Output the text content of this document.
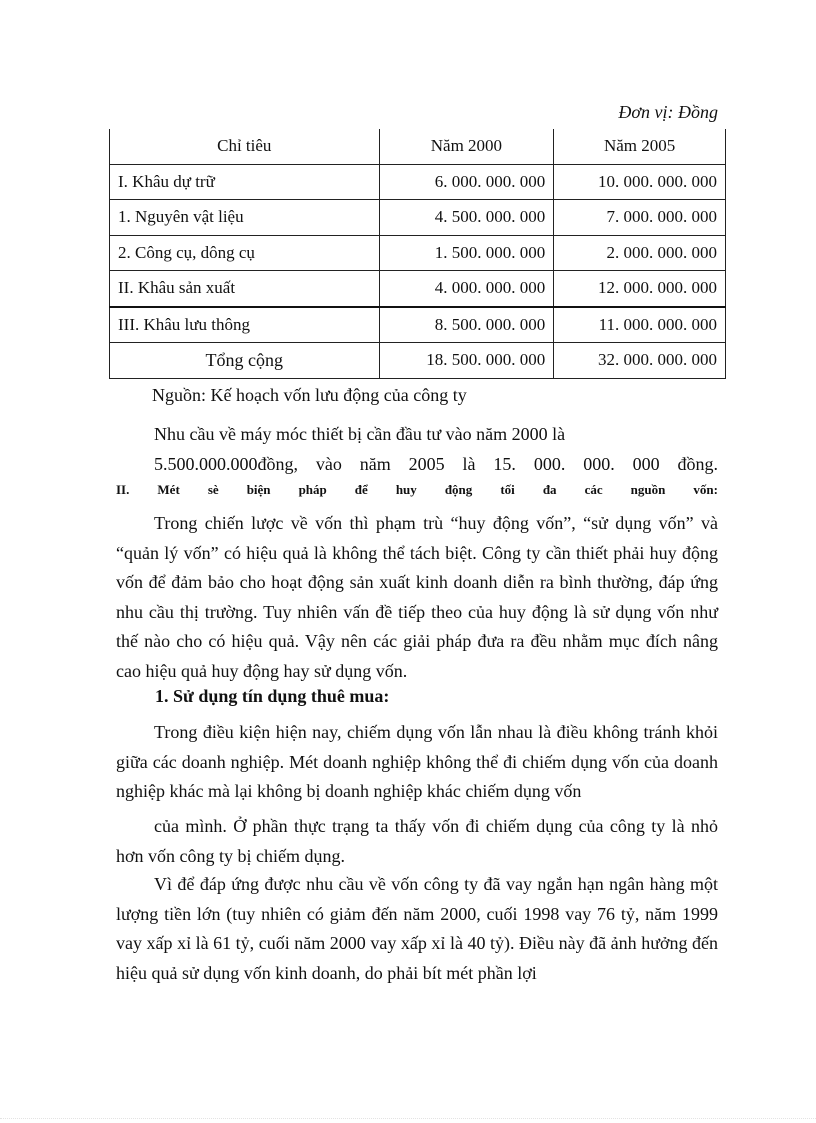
Đơn vị: Đồng
Chỉ tiêu	Năm 2000	Năm 2005
I. Khâu dự trữ	6. 000. 000. 000	10. 000. 000. 000
1. Nguyên vật liệu	4. 500. 000. 000	7. 000. 000. 000
2. Công cụ, dông cụ	1. 500. 000. 000	2. 000. 000. 000
II. Khâu sản xuất	4. 000. 000. 000	12. 000. 000. 000
III. Khâu lưu thông	8. 500. 000. 000	11. 000. 000. 000
Tổng cộng	18. 500. 000. 000	32. 000. 000. 000
Nguồn: Kế hoạch vốn lưu động của công ty
Nhu cầu về máy móc thiết bị cần đầu tư vào năm 2000 là
5.500.000.000đồng, vào năm 2005 là 15. 000. 000. 000 đồng.
II. Mét sè biện pháp để huy động tối đa các nguồn vốn:
Trong chiến lược về vốn thì phạm trù “huy động vốn”, “sử dụng vốn” và “quản lý vốn” có hiệu quả là không thể tách biệt. Công ty cần thiết phải huy động vốn để đảm bảo cho hoạt động sản xuất kinh doanh diễn ra bình thường, đáp ứng nhu cầu thị trường. Tuy nhiên vấn đề tiếp theo của huy động là sử dụng vốn như thế nào cho có hiệu quả. Vậy nên các giải pháp đưa ra đều nhằm mục đích nâng cao hiệu quả huy động hay sử dụng vốn.
1. Sử dụng tín dụng thuê mua:
Trong điều kiện hiện nay, chiếm dụng vốn lẫn nhau là điều không tránh khỏi giữa các doanh nghiệp. Mét doanh nghiệp không thể đi chiếm dụng vốn của doanh nghiệp khác mà lại không bị doanh nghiệp khác chiếm dụng vốn
của mình. Ở phần thực trạng ta thấy vốn đi chiếm dụng của công ty là nhỏ hơn vốn công ty bị chiếm dụng.
Vì để đáp ứng được nhu cầu về vốn công ty đã vay ngắn hạn ngân hàng một lượng tiền lớn (tuy nhiên có giảm đến năm 2000, cuối 1998 vay 76 tỷ, năm 1999 vay xấp xỉ là 61 tỷ, cuối năm 2000 vay xấp xỉ là 40 tỷ). Điều này đã ảnh hưởng đến hiệu quả sử dụng vốn kinh doanh, do phải bít mét phần lợi
